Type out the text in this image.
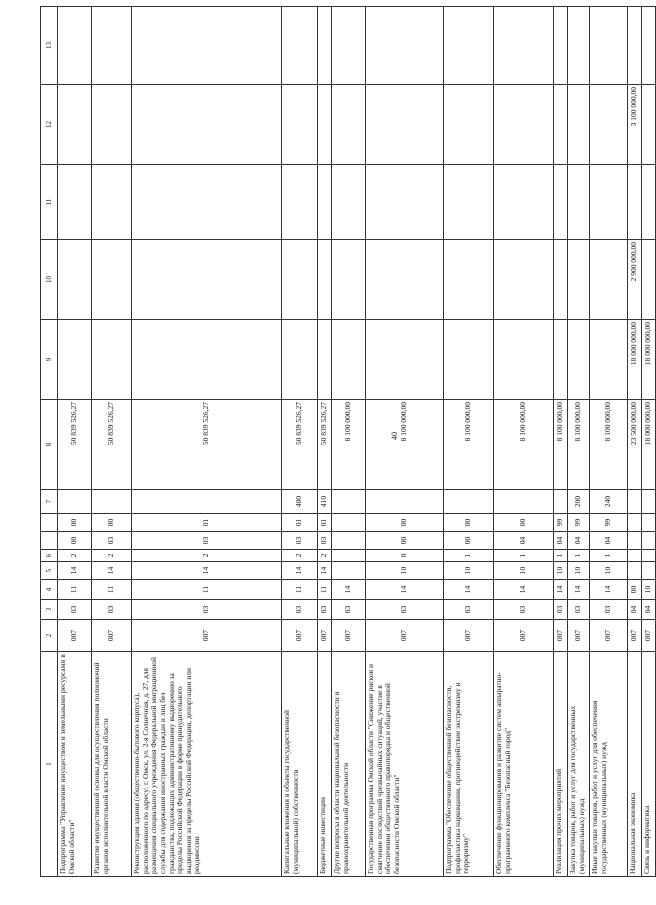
40
1	2	3	4	5	6			7	8	9	10	11	12	13
Подпрограмма "Управление имуществом и земельными ресурсами в Омской области"	007	03	11	14	2	00	00		50 839 526,27					
Развитие имущественной основы для осуществления полномочий органов исполнительной власти Омской области	007	03	11	14	2	03	00		50 839 526,27					
Реконструкция здания (общественно-бытового корпуса), расположенного по адресу: г. Омск, ул. 2-я Солнечная, д. 27, для размещения специального учреждения Федеральной миграционной службы для содержания иностранных граждан и лиц без гражданства, подлежащих административному выдворению за пределы Российской Федерации в форме принудительного выдворения за пределы Российской Федерации, депортации или реадмиссии	007	03	11	14	2	03	01		50 839 526,27					
Капитальные вложения в объекты государственной (муниципальной) собственности	007	03	11	14	2	03	01	400	50 839 526,27					
Бюджетные инвестиции	007	03	11	14	2	03	01	410	50 839 526,27					
Другие вопросы в области национальной безопасности и правоохранительной деятельности	007	03	14						8 100 000,00					
Государственная программа Омской области "Снижение рисков и смягчение последствий чрезвычайных ситуаций, участие в обеспечении общественного правопорядка и общественной безопасности Омской области"	007	03	14	10	0	00	00		8 100 000,00					
Подпрограмма "Обеспечение общественной безопасности, профилактика наркомании, противодействие экстремизму и терроризму"	007	03	14	10	1	00	00		8 100 000,00					
Обеспечение функционирования и развитие систем аппаратно-программного комплекса "Безопасный город"	007	03	14	10	1	04	00		8 100 000,00					
Реализация прочих мероприятий	007	03	14	10	1	04	99		8 100 000,00					
Закупка товаров, работ и услуг для государственных (муниципальных) нужд	007	03	14	10	1	04	99	200	8 100 000,00					
Иные закупки товаров, работ и услуг для обеспечения государственных (муниципальных) нужд	007	03	14	10	1	04	99	240	8 100 000,00					
Национальная экономика	007	04	00						23 500 000,00	18 000 000,00	2 900 000,00		3 100 000,00	
Связь и информатика	007	04	10						18 000 000,00	18 000 000,00				
